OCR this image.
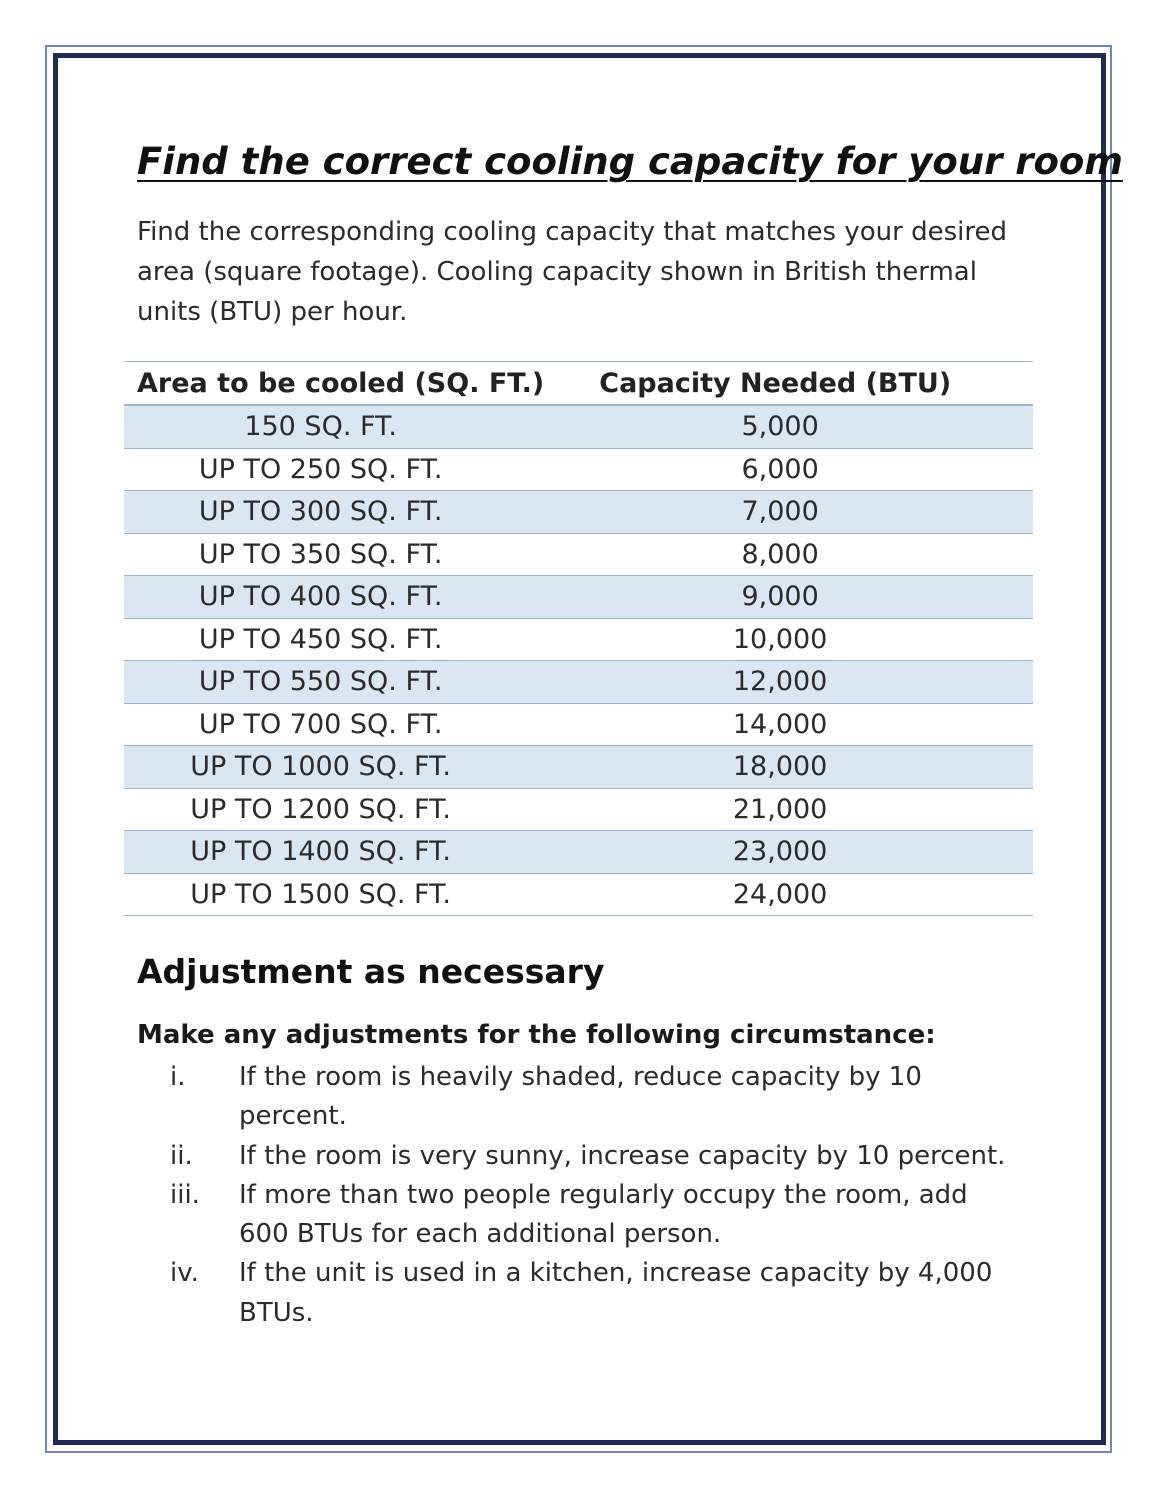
Find the correct cooling capacity for your room

Find the corresponding cooling capacity that matches your desired area (square footage). Cooling capacity shown in British thermal units (BTU) per hour.

Area to be cooled (SQ. FT.)	Capacity Needed (BTU)
150 SQ. FT.	5,000
UP TO 250 SQ. FT.	6,000
UP TO 300 SQ. FT.	7,000
UP TO 350 SQ. FT.	8,000
UP TO 400 SQ. FT.	9,000
UP TO 450 SQ. FT.	10,000
UP TO 550 SQ. FT.	12,000
UP TO 700 SQ. FT.	14,000
UP TO 1000 SQ. FT.	18,000
UP TO 1200 SQ. FT.	21,000
UP TO 1400 SQ. FT.	23,000
UP TO 1500 SQ. FT.	24,000
Adjustment as necessary

Make any adjustments for the following circumstance:

i.	If the room is heavily shaded, reduce capacity by 10 percent.
ii.	If the room is very sunny, increase capacity by 10 percent.
iii.	If more than two people regularly occupy the room, add 600 BTUs for each additional person.
iv.	If the unit is used in a kitchen, increase capacity by 4,000 BTUs.
